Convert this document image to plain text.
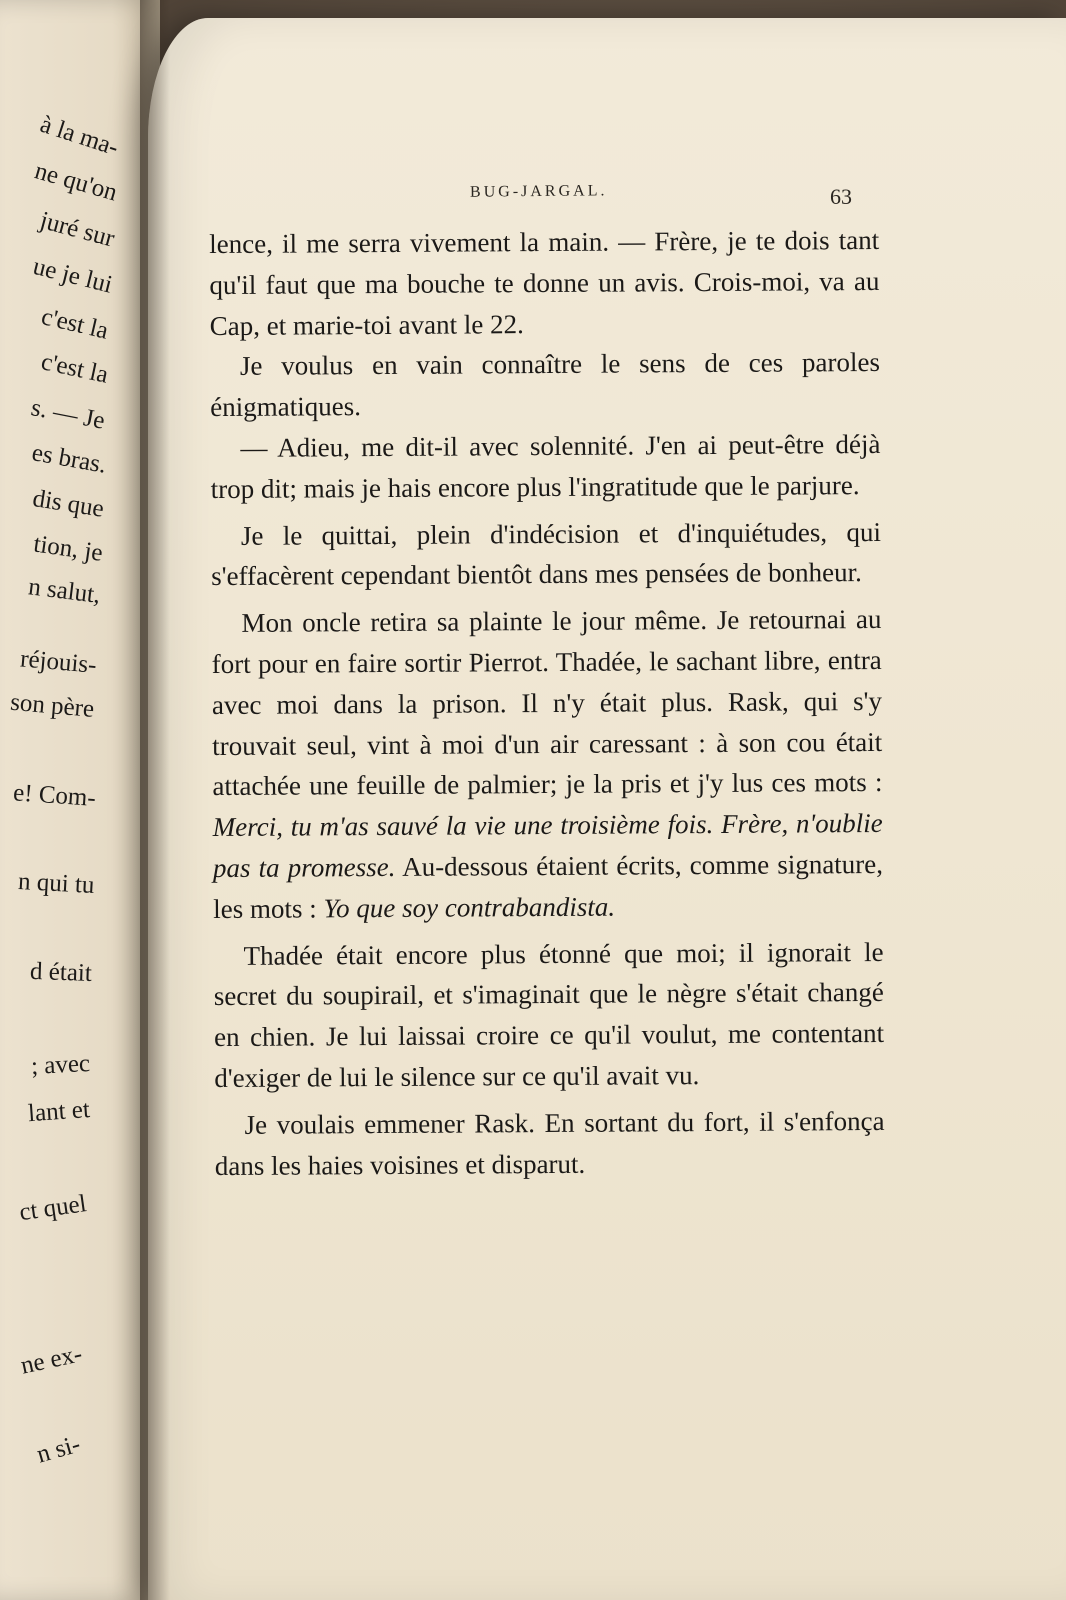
à la ma-
ne qu'on
juré sur
ue je lui
c'est la
c'est la
s. — Je
es bras.
dis que
tion, je
n salut,
réjouis-
son père
e! Com-
n qui tu
d était
; avec
lant et
ct quel
ne ex-
n si-
BUG-JARGAL.	63

lence, il me serra vivement la main. — Frère, je te dois tant qu'il faut que ma bouche te donne un avis. Crois-moi, va au Cap, et marie-toi avant le 22.

Je voulus en vain connaître le sens de ces paroles énigmatiques.

— Adieu, me dit-il avec solennité. J'en ai peut-être déjà trop dit; mais je hais encore plus l'ingratitude que le parjure.

Je le quittai, plein d'indécision et d'inquiétudes, qui s'effacèrent cependant bientôt dans mes pensées de bonheur.

Mon oncle retira sa plainte le jour même. Je retournai au fort pour en faire sortir Pierrot. Thadée, le sachant libre, entra avec moi dans la prison. Il n'y était plus. Rask, qui s'y trouvait seul, vint à moi d'un air caressant : à son cou était attachée une feuille de palmier; je la pris et j'y lus ces mots : Merci, tu m'as sauvé la vie une troisième fois. Frère, n'oublie pas ta promesse. Au-dessous étaient écrits, comme signature, les mots : Yo que soy contrabandista.

Thadée était encore plus étonné que moi; il ignorait le secret du soupirail, et s'imaginait que le nègre s'était changé en chien. Je lui laissai croire ce qu'il voulut, me contentant d'exiger de lui le silence sur ce qu'il avait vu.

Je voulais emmener Rask. En sortant du fort, il s'enfonça dans les haies voisines et disparut.
